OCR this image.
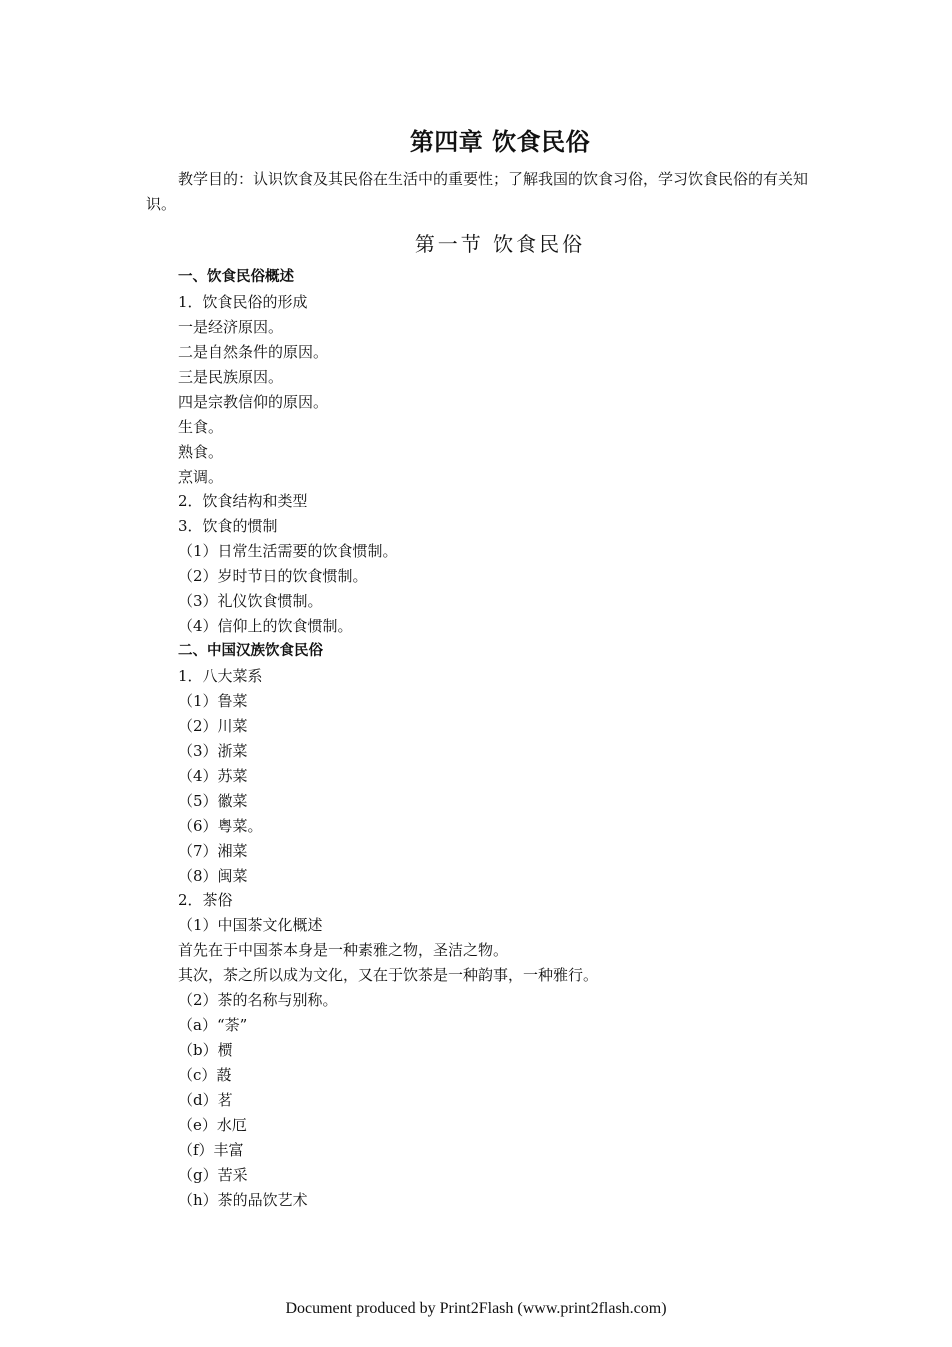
第四章 饮食民俗

教学目的：认识饮食及其民俗在生活中的重要性；了解我国的饮食习俗，学习饮食民俗的有关知识。

第一节 饮食民俗
一、饮食民俗概述
1．饮食民俗的形成
一是经济原因。
二是自然条件的原因。
三是民族原因。
四是宗教信仰的原因。
生食。
熟食。
烹调。
2．饮食结构和类型
3．饮食的惯制
（1）日常生活需要的饮食惯制。
（2）岁时节日的饮食惯制。
（3）礼仪饮食惯制。
（4）信仰上的饮食惯制。
二、中国汉族饮食民俗
1．八大菜系
（1）鲁菜
（2）川菜
（3）浙菜
（4）苏菜
（5）徽菜
（6）粤菜。
（7）湘菜
（8）闽菜
2．茶俗
（1）中国茶文化概述
首先在于中国茶本身是一种素雅之物，圣洁之物。
其次，茶之所以成为文化，又在于饮茶是一种韵事，一种雅行。
（2）茶的名称与别称。
（a）“荼”
（b）槚
（c）蔎
（d）茗
（e）水厄
（f）丰富
（g）苦采
（h）茶的品饮艺术
Document produced by Print2Flash (www.print2flash.com)
